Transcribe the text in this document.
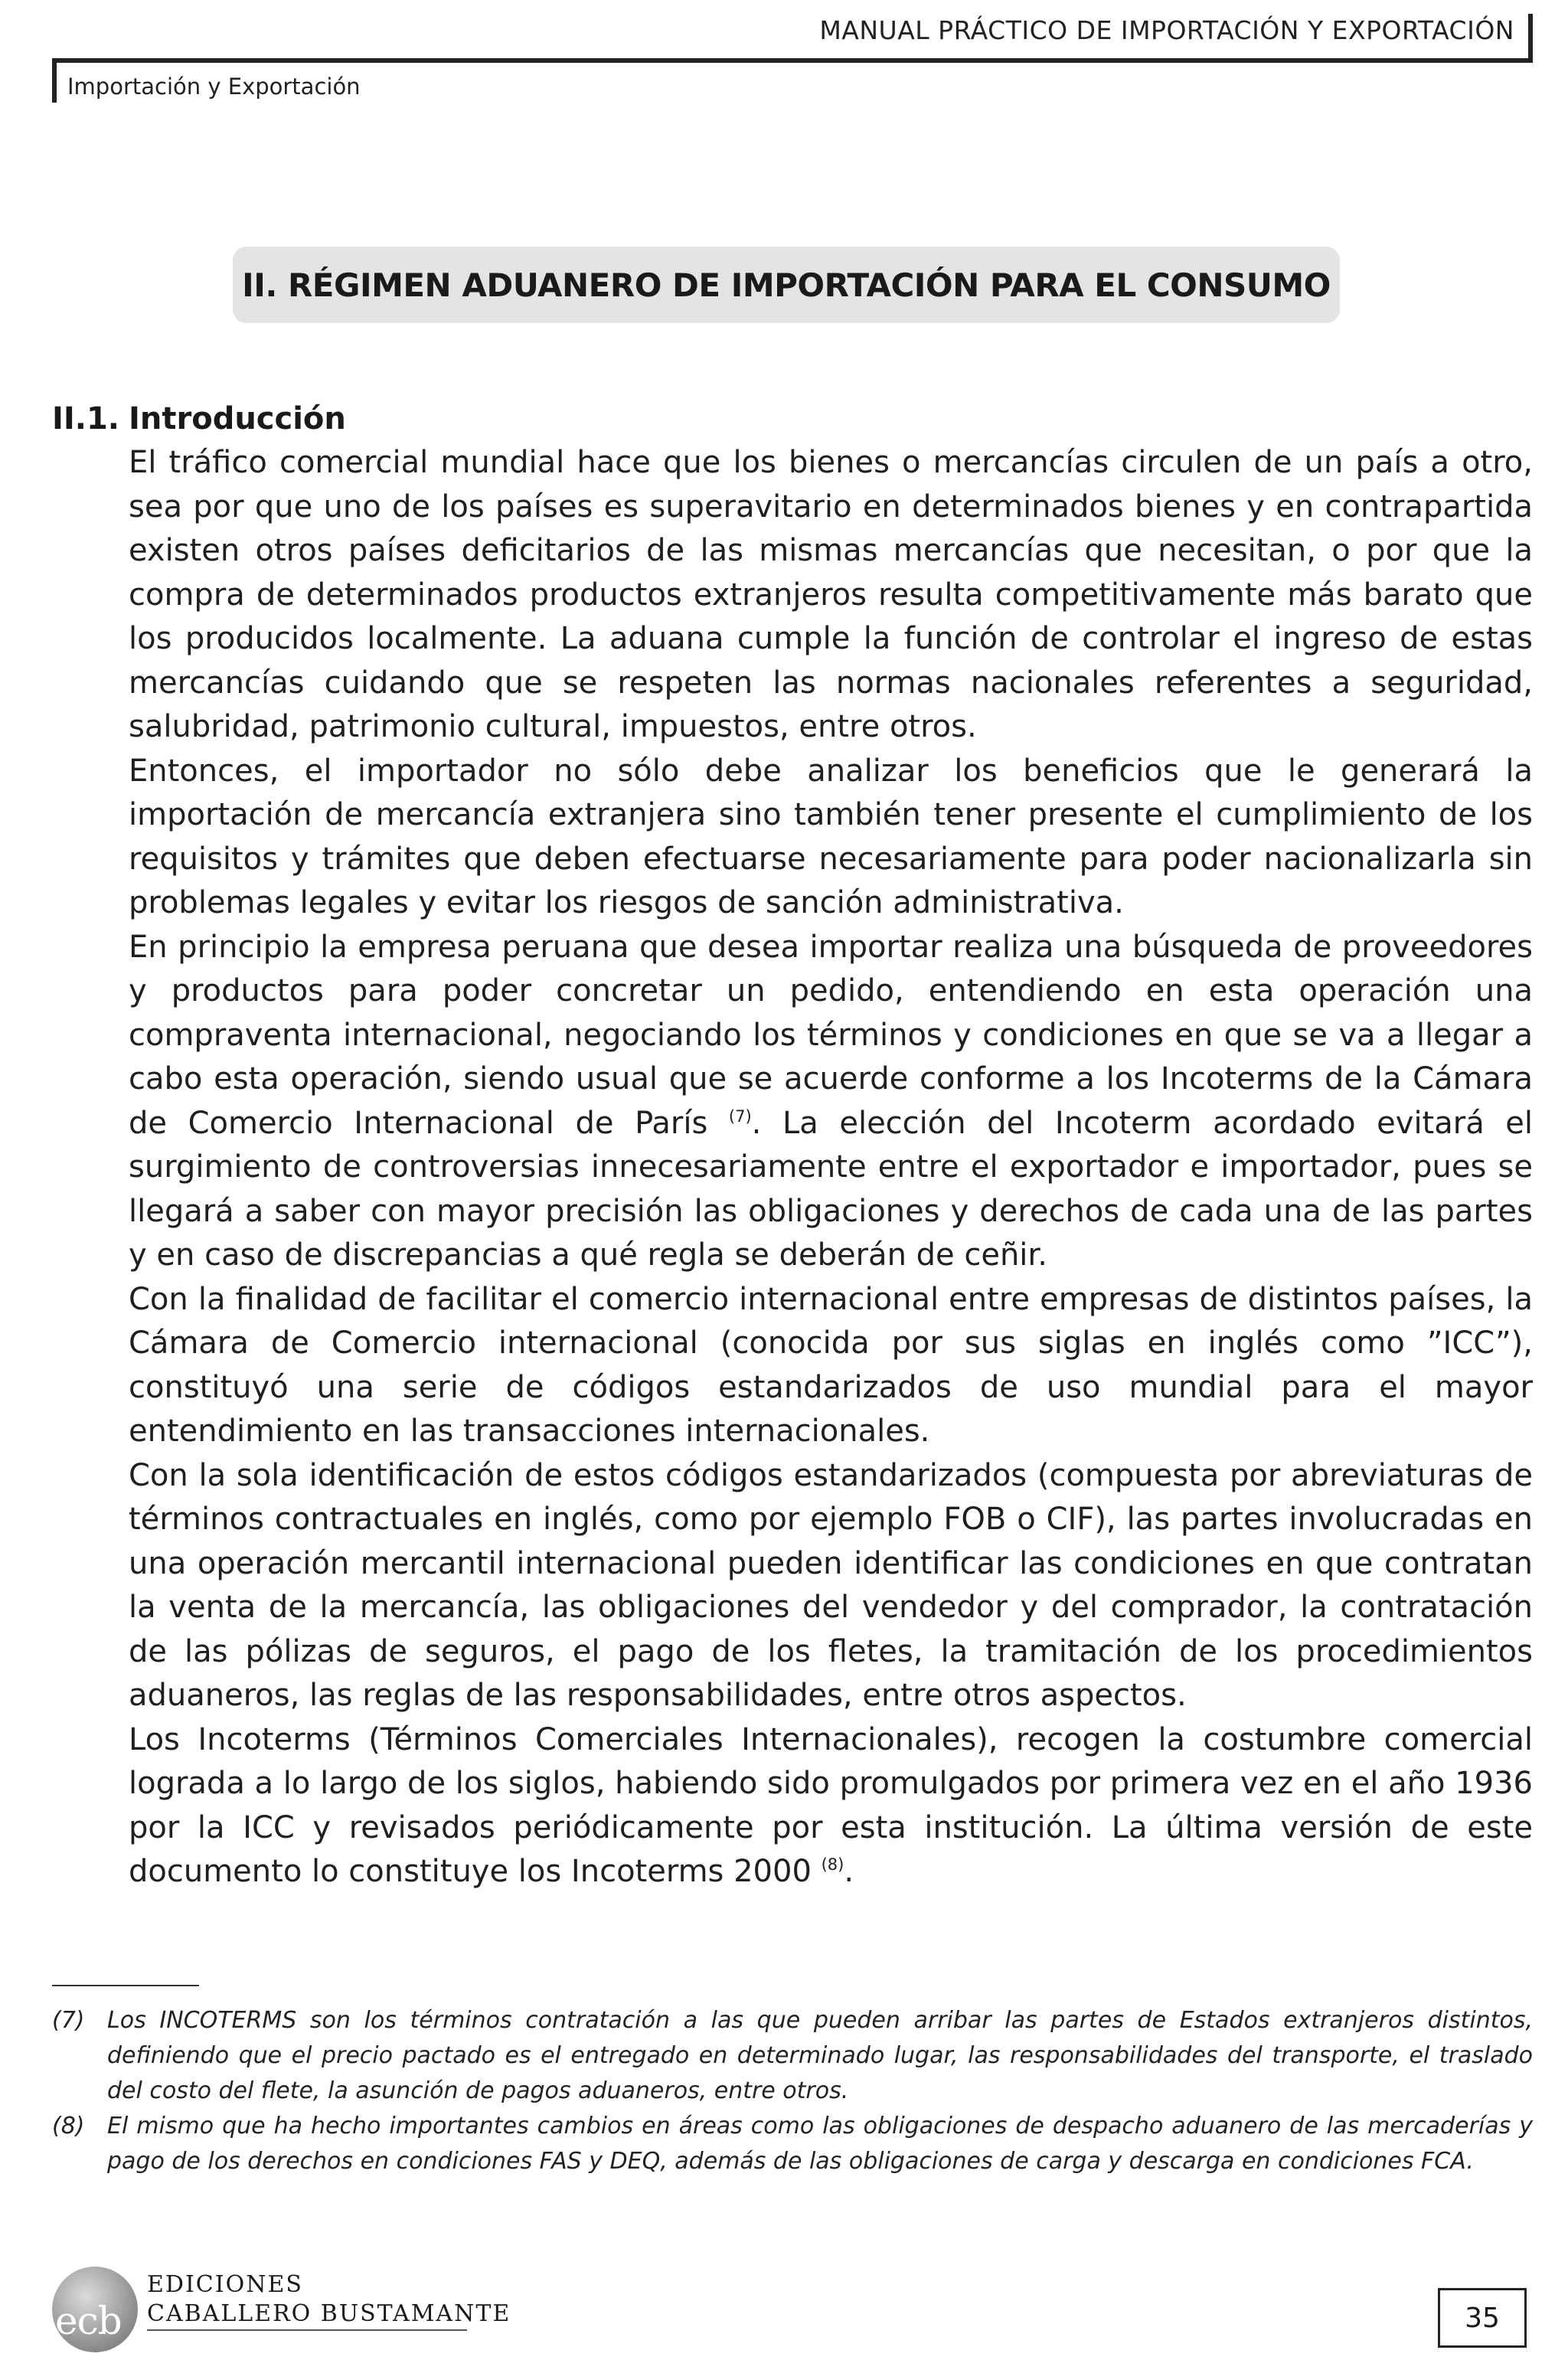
MANUAL PRÁCTICO DE IMPORTACIÓN Y EXPORTACIÓN
Importación y Exportación
II. RÉGIMEN ADUANERO DE IMPORTACIÓN PARA EL CONSUMO
II.1. Introducción

El tráfico comercial mundial hace que los bienes o mercancías circulen de un país a otro, sea por que uno de los países es superavitario en determinados bienes y en contrapartida existen otros países deficitarios de las mismas mercancías que necesitan, o por que la compra de determinados productos extranjeros resulta competitivamente más barato que los producidos localmente. La aduana cumple la función de controlar el ingreso de estas mercancías cuidando que se respeten las normas nacionales referentes a seguridad, salubridad, patrimonio cultural, impuestos, entre otros.

Entonces, el importador no sólo debe analizar los beneficios que le generará la importación de mercancía extranjera sino también tener presente el cumplimiento de los requisitos y trámites que deben efectuarse necesariamente para poder nacionalizarla sin problemas legales y evitar los riesgos de sanción administrativa.

En principio la empresa peruana que desea importar realiza una búsqueda de proveedores y productos para poder concretar un pedido, entendiendo en esta operación una compraventa internacional, negociando los términos y condiciones en que se va a llegar a cabo esta operación, siendo usual que se acuerde conforme a los Incoterms de la Cámara de Comercio Internacional de París $^{(7)}$. La elección del Incoterm acordado evitará el surgimiento de controversias innecesariamente entre el exportador e importador, pues se llegará a saber con mayor precisión las obligaciones y derechos de cada una de las partes y en caso de discrepancias a qué regla se deberán de ceñir.

Con la finalidad de facilitar el comercio internacional entre empresas de distintos países, la Cámara de Comercio internacional (conocida por sus siglas en inglés como ”ICC”), constituyó una serie de códigos estandarizados de uso mundial para el mayor entendimiento en las transacciones internacionales.

Con la sola identificación de estos códigos estandarizados (compuesta por abreviaturas de términos contractuales en inglés, como por ejemplo FOB o CIF), las partes involucradas en una operación mercantil internacional pueden identificar las condiciones en que contratan la venta de la mercancía, las obligaciones del vendedor y del comprador, la contratación de las pólizas de seguros, el pago de los fletes, la tramitación de los procedimientos aduaneros, las reglas de las responsabilidades, entre otros aspectos.

Los Incoterms (Términos Comerciales Internacionales), recogen la costumbre comercial lograda a lo largo de los siglos, habiendo sido promulgados por primera vez en el año 1936 por la ICC y revisados periódicamente por esta institución. La última versión de este documento lo constituye los Incoterms 2000 $^{(8)}$.

(7) Los INCOTERMS son los términos contratación a las que pueden arribar las partes de Estados extranjeros distintos, definiendo que el precio pactado es el entregado en determinado lugar, las responsabilidades del transporte, el traslado del costo del flete, la asunción de pagos aduaneros, entre otros.
(8) El mismo que ha hecho importantes cambios en áreas como las obligaciones de despacho aduanero de las mercaderías y pago de los derechos en condiciones FAS y DEQ, además de las obligaciones de carga y descarga en condiciones FCA.
ecb
EDICIONES
CABALLERO BUSTAMANTE	35
